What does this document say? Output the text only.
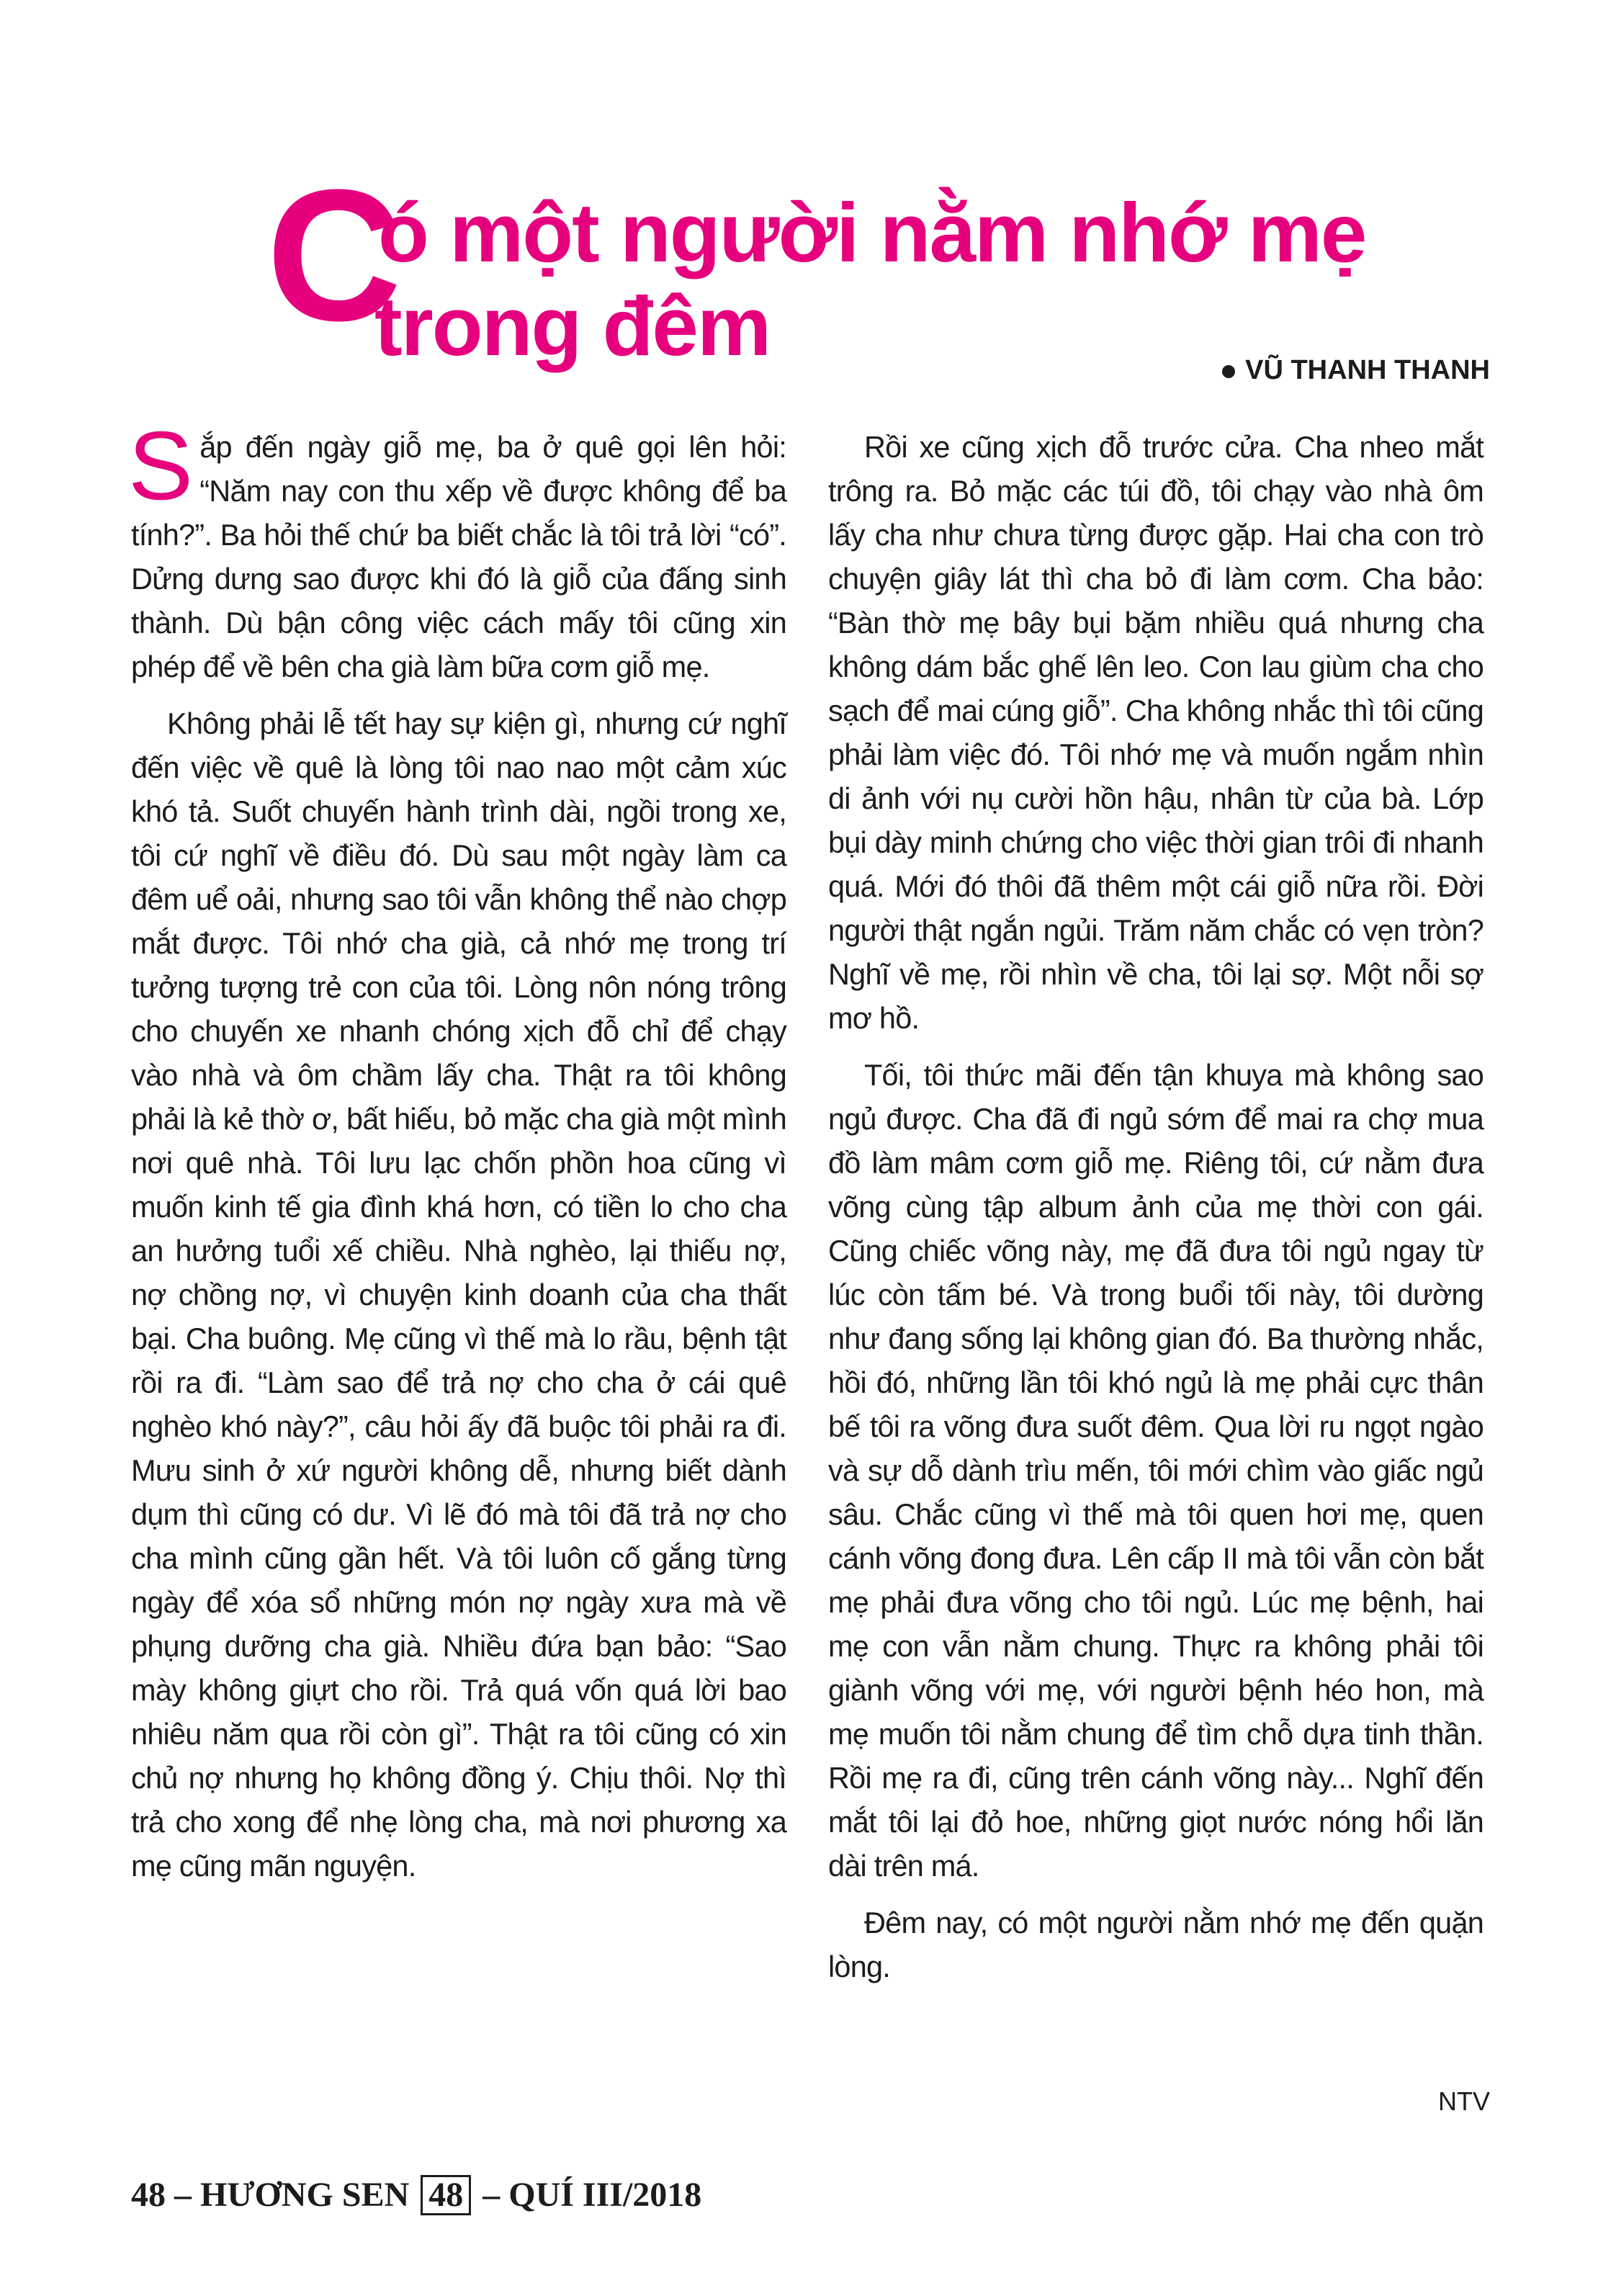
C
ó một người nằm nhớ mẹ
trong đêm	VŨ THANH THANH

Sắp đến ngày giỗ mẹ, ba ở quê gọi lên hỏi: “Năm nay con thu xếp về được không để ba tính?”. Ba hỏi thế chứ ba biết chắc là tôi trả lời “có”. Dửng dưng sao được khi đó là giỗ của đấng sinh thành. Dù bận công việc cách mấy tôi cũng xin phép để về bên cha già làm bữa cơm giỗ mẹ.

Không phải lễ tết hay sự kiện gì, nhưng cứ nghĩ đến việc về quê là lòng tôi nao nao một cảm xúc khó tả. Suốt chuyến hành trình dài, ngồi trong xe, tôi cứ nghĩ về điều đó. Dù sau một ngày làm ca đêm uể oải, nhưng sao tôi vẫn không thể nào chợp mắt được. Tôi nhớ cha già, cả nhớ mẹ trong trí tưởng tượng trẻ con của tôi. Lòng nôn nóng trông cho chuyến xe nhanh chóng xịch đỗ chỉ để chạy vào nhà và ôm chầm lấy cha. Thật ra tôi không phải là kẻ thờ ơ, bất hiếu, bỏ mặc cha già một mình nơi quê nhà. Tôi lưu lạc chốn phồn hoa cũng vì muốn kinh tế gia đình khá hơn, có tiền lo cho cha an hưởng tuổi xế chiều. Nhà nghèo, lại thiếu nợ, nợ chồng nợ, vì chuyện kinh doanh của cha thất bại. Cha buông. Mẹ cũng vì thế mà lo rầu, bệnh tật rồi ra đi. “Làm sao để trả nợ cho cha ở cái quê nghèo khó này?”, câu hỏi ấy đã buộc tôi phải ra đi. Mưu sinh ở xứ người không dễ, nhưng biết dành dụm thì cũng có dư. Vì lẽ đó mà tôi đã trả nợ cho cha mình cũng gần hết. Và tôi luôn cố gắng từng ngày để xóa sổ những món nợ ngày xưa mà về phụng dưỡng cha già. Nhiều đứa bạn bảo: “Sao mày không giựt cho rồi. Trả quá vốn quá lời bao nhiêu năm qua rồi còn gì”. Thật ra tôi cũng có xin chủ nợ nhưng họ không đồng ý. Chịu thôi. Nợ thì trả cho xong để nhẹ lòng cha, mà nơi phương xa mẹ cũng mãn nguyện.

Rồi xe cũng xịch đỗ trước cửa. Cha nheo mắt trông ra. Bỏ mặc các túi đồ, tôi chạy vào nhà ôm lấy cha như chưa từng được gặp. Hai cha con trò chuyện giây lát thì cha bỏ đi làm cơm. Cha bảo: “Bàn thờ mẹ bây bụi bặm nhiều quá nhưng cha không dám bắc ghế lên leo. Con lau giùm cha cho sạch để mai cúng giỗ”. Cha không nhắc thì tôi cũng phải làm việc đó. Tôi nhớ mẹ và muốn ngắm nhìn di ảnh với nụ cười hồn hậu, nhân từ của bà. Lớp bụi dày minh chứng cho việc thời gian trôi đi nhanh quá. Mới đó thôi đã thêm một cái giỗ nữa rồi. Đời người thật ngắn ngủi. Trăm năm chắc có vẹn tròn? Nghĩ về mẹ, rồi nhìn về cha, tôi lại sợ. Một nỗi sợ mơ hồ.

Tối, tôi thức mãi đến tận khuya mà không sao ngủ được. Cha đã đi ngủ sớm để mai ra chợ mua đồ làm mâm cơm giỗ mẹ. Riêng tôi, cứ nằm đưa võng cùng tập album ảnh của mẹ thời con gái. Cũng chiếc võng này, mẹ đã đưa tôi ngủ ngay từ lúc còn tấm bé. Và trong buổi tối này, tôi dường như đang sống lại không gian đó. Ba thường nhắc, hồi đó, những lần tôi khó ngủ là mẹ phải cực thân bế tôi ra võng đưa suốt đêm. Qua lời ru ngọt ngào và sự dỗ dành trìu mến, tôi mới chìm vào giấc ngủ sâu. Chắc cũng vì thế mà tôi quen hơi mẹ, quen cánh võng đong đưa. Lên cấp II mà tôi vẫn còn bắt mẹ phải đưa võng cho tôi ngủ. Lúc mẹ bệnh, hai mẹ con vẫn nằm chung. Thực ra không phải tôi giành võng với mẹ, với người bệnh héo hon, mà mẹ muốn tôi nằm chung để tìm chỗ dựa tinh thần. Rồi mẹ ra đi, cũng trên cánh võng này... Nghĩ đến mắt tôi lại đỏ hoe, những giọt nước nóng hổi lăn dài trên má.

Đêm nay, có một người nằm nhớ mẹ đến quặn lòng.

NTV
48 – HƯƠNG SEN 48 – QUÍ III/2018
